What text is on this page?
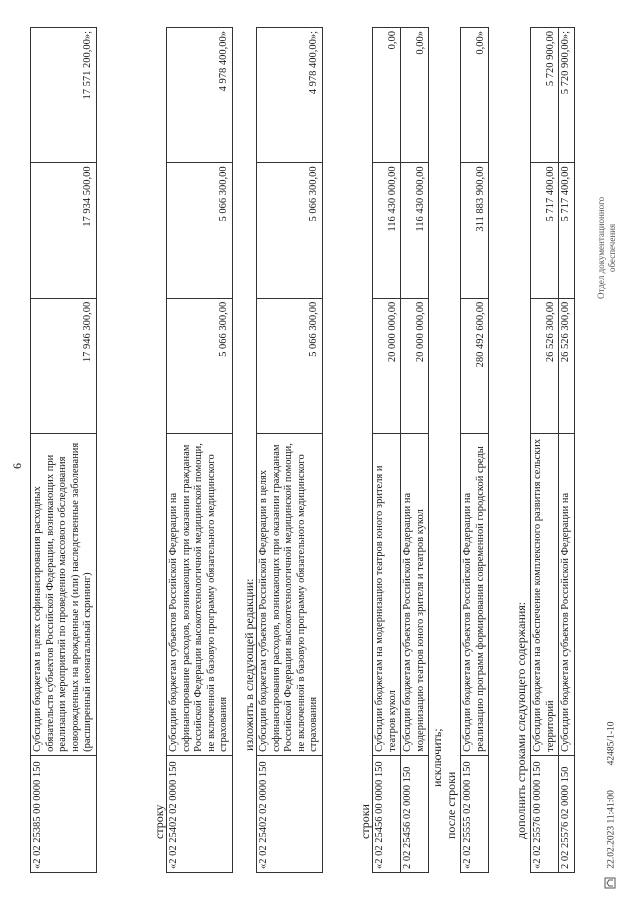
6
«2 02 25385 00 0000 150	Субсидии бюджетам в целях софинансирования расходных обязательств субъектов Российской Федерации, возникающих при реализации мероприятий по проведению массового обследования новорожденных на врожденные и (или) наследственные заболевания (расширенный неонатальный скрининг)	17 946 300,00	17 934 500,00	17 571 200,00»;
строку «2 02 25402 02 0000 150	Субсидии бюджетам субъектов Российской Федерации на софинансирование расходов, возникающих при оказании гражданам Российской Федерации высокотехнологичной медицинской помощи, не включенной в базовую программу обязательного медицинского страхования	5 066 300,00	5 066 300,00	4 978 400,00»
изложить в следующей редакции:
«2 02 25402 02 0000 150	Субсидии бюджетам субъектов Российской Федерации в целях софинансирования расходов, возникающих при оказании гражданам Российской Федерации высокотехнологичной медицинской помощи, не включенной в базовую программу обязательного медицинского страхования	5 066 300,00	5 066 300,00	4 978 400,00»;
строки «2 02 25456 00 0000 150	Субсидии бюджетам на модернизацию театров юного зрителя и театров кукол	20 000 000,00	116 430 000,00	0,00
2 02 25456 02 0000 150	Субсидии бюджетам субъектов Российской Федерации на модернизацию театров юного зрителя и театров кукол	20 000 000,00	116 430 000,00	0,00»
исключить;
после строки «2 02 25555 02 0000 150	Субсидии бюджетам субъектов Российской Федерации на реализацию программ формирования современной городской среды	280 492 600,00	311 883 900,00	0,00»
дополнить строками следующего содержания: «2 02 25576 00 0000 150	Субсидии бюджетам на обеспечение комплексного развития сельских территорий	26 526 300,00	5 717 400,00	5 720 900,00
2 02 25576 02 0000 150	Субсидии бюджетам субъектов Российской Федерации на	26 526 300,00	5 717 400,00	5 720 900,00»;
22.02.2023 11:41:00  42485/1-10
Отдел документационного обеспечения
